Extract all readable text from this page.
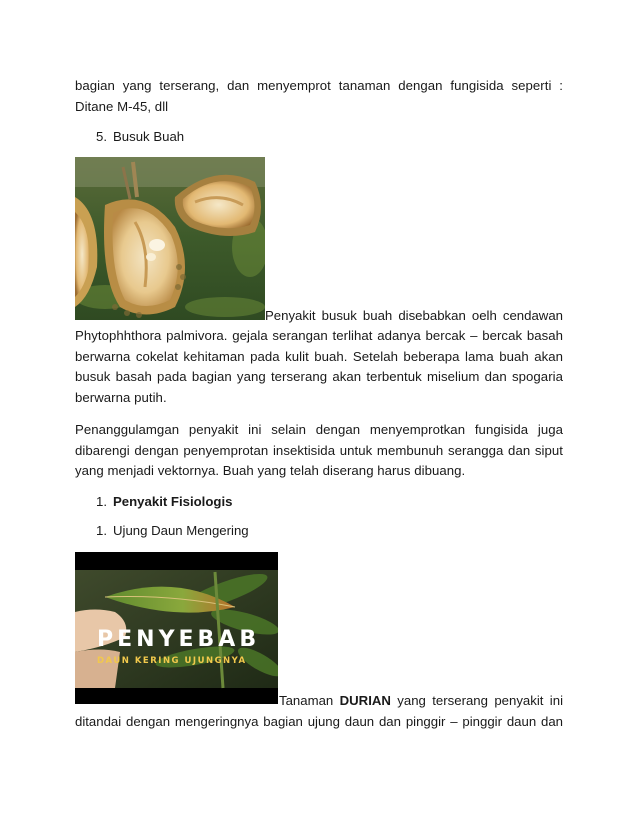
bagian yang terserang, dan menyemprot tanaman dengan fungisida seperti :
Ditane M-45, dll

5. Busuk Buah
Penyakit busuk buah disebabkan oelh cendawan

Phytophhthora palmivora. gejala serangan terlihat adanya bercak – bercak basah berwarna cokelat kehitaman pada kulit buah. Setelah beberapa lama buah akan busuk basah pada bagian yang terserang akan terbentuk miselium dan spogaria berwarna putih.

Penanggulamgan penyakit ini selain dengan menyemprotkan fungisida juga dibarengi dengan penyemprotan insektisida untuk membunuh serangga dan siput yang menjadi vektornya. Buah yang telah diserang harus dibuang.

1. Penyakit Fisiologis
1. Ujung Daun Mengering
PENYEBAB
DAUN KERING UJUNGNYA
Tanaman DURIAN yang terserang penyakit ini
ditandai dengan mengeringnya bagian ujung daun dan pinggir – pinggir daun dan
